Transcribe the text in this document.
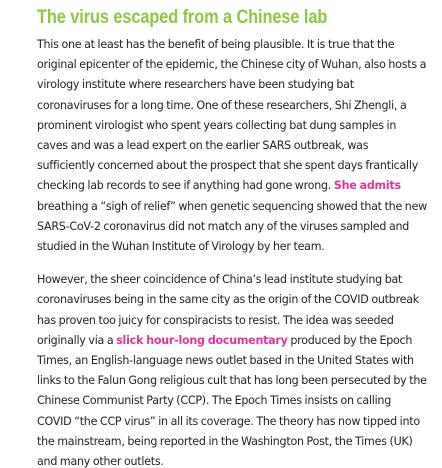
The virus escaped from a Chinese lab

This one at least has the benefit of being plausible. It is true that the original epicenter of the epidemic, the Chinese city of Wuhan, also hosts a virology institute where researchers have been studying bat coronaviruses for a long time. One of these researchers, Shi Zhengli, a prominent virologist who spent years collecting bat dung samples in caves and was a lead expert on the earlier SARS outbreak, was sufficiently concerned about the prospect that she spent days frantically checking lab records to see if anything had gone wrong. She admits breathing a “sigh of relief” when genetic sequencing showed that the new SARS-CoV-2 coronavirus did not match any of the viruses sampled and studied in the Wuhan Institute of Virology by her team.

However, the sheer coincidence of China’s lead institute studying bat coronaviruses being in the same city as the origin of the COVID outbreak has proven too juicy for conspiracists to resist. The idea was seeded originally via a slick hour-long documentary produced by the Epoch Times, an English-language news outlet based in the United States with links to the Falun Gong religious cult that has long been persecuted by the Chinese Communist Party (CCP). The Epoch Times insists on calling COVID “the CCP virus” in all its coverage. The theory has now tipped into the mainstream, being reported in the Washington Post, the Times (UK) and many other outlets.
